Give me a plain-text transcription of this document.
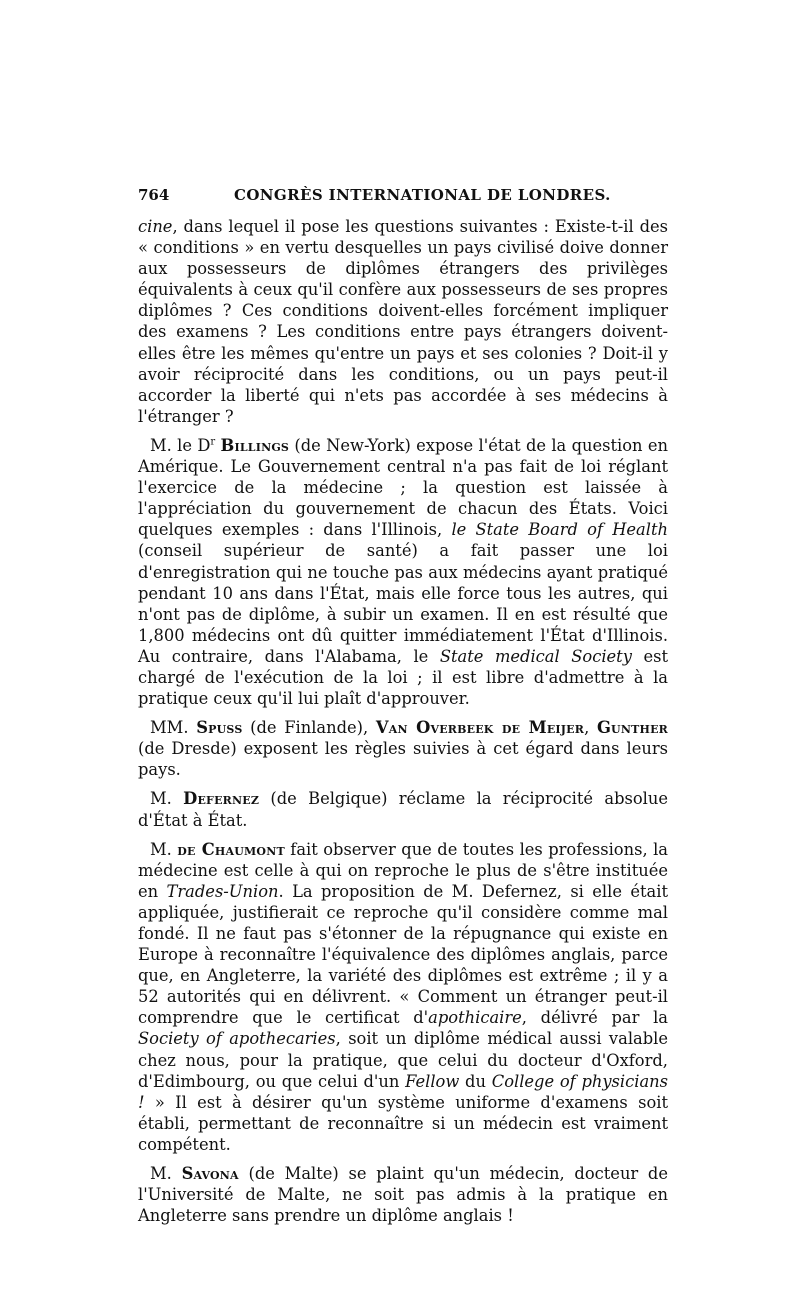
764	CONGRÈS INTERNATIONAL DE LONDRES.

cine, dans lequel il pose les questions suivantes : Existe-t-il des « conditions » en vertu desquelles un pays civilisé doive donner aux possesseurs de diplômes étrangers des privilèges équivalents à ceux qu'il confère aux possesseurs de ses propres diplômes ? Ces conditions doivent-elles forcément impliquer des examens ? Les conditions entre pays étrangers doivent-elles être les mêmes qu'entre un pays et ses colonies ? Doit-il y avoir réciprocité dans les conditions, ou un pays peut-il accorder la liberté qui n'ets pas accordée à ses médecins à l'étranger ?

M. le $D^r$ Billings (de New-York) expose l'état de la question en Amérique. Le Gouvernement central n'a pas fait de loi réglant l'exercice de la médecine ; la question est laissée à l'appréciation du gouvernement de chacun des États. Voici quelques exemples : dans l'Illinois, le State Board of Health (conseil supérieur de santé) a fait passer une loi d'enregistration qui ne touche pas aux médecins ayant pratiqué pendant 10 ans dans l'État, mais elle force tous les autres, qui n'ont pas de diplôme, à subir un examen. Il en est résulté que 1,800 médecins ont dû quitter immédiatement l'État d'Illinois. Au contraire, dans l'Alabama, le State medical Society est chargé de l'exécution de la loi ; il est libre d'admettre à la pratique ceux qu'il lui plaît d'approuver.

MM. Spuss (de Finlande), Van Overbeek de Meijer, Gunther (de Dresde) exposent les règles suivies à cet égard dans leurs pays.

M. Defernez (de Belgique) réclame la réciprocité absolue d'État à État.

M. de Chaumont fait observer que de toutes les professions, la médecine est celle à qui on reproche le plus de s'être instituée en Trades-Union. La proposition de M. Defernez, si elle était appliquée, justifierait ce reproche qu'il considère comme mal fondé. Il ne faut pas s'étonner de la répugnance qui existe en Europe à reconnaître l'équivalence des diplômes anglais, parce que, en Angleterre, la variété des diplômes est extrême ; il y a 52 autorités qui en délivrent. « Comment un étranger peut-il comprendre que le certificat d'apothicaire, délivré par la Society of apothecaries, soit un diplôme médical aussi valable chez nous, pour la pratique, que celui du docteur d'Oxford, d'Edimbourg, ou que celui d'un Fellow du College of physicians ! » Il est à désirer qu'un système uniforme d'examens soit établi, permettant de reconnaître si un médecin est vraiment compétent.

M. Savona (de Malte) se plaint qu'un médecin, docteur de l'Université de Malte, ne soit pas admis à la pratique en Angleterre sans prendre un diplôme anglais !
